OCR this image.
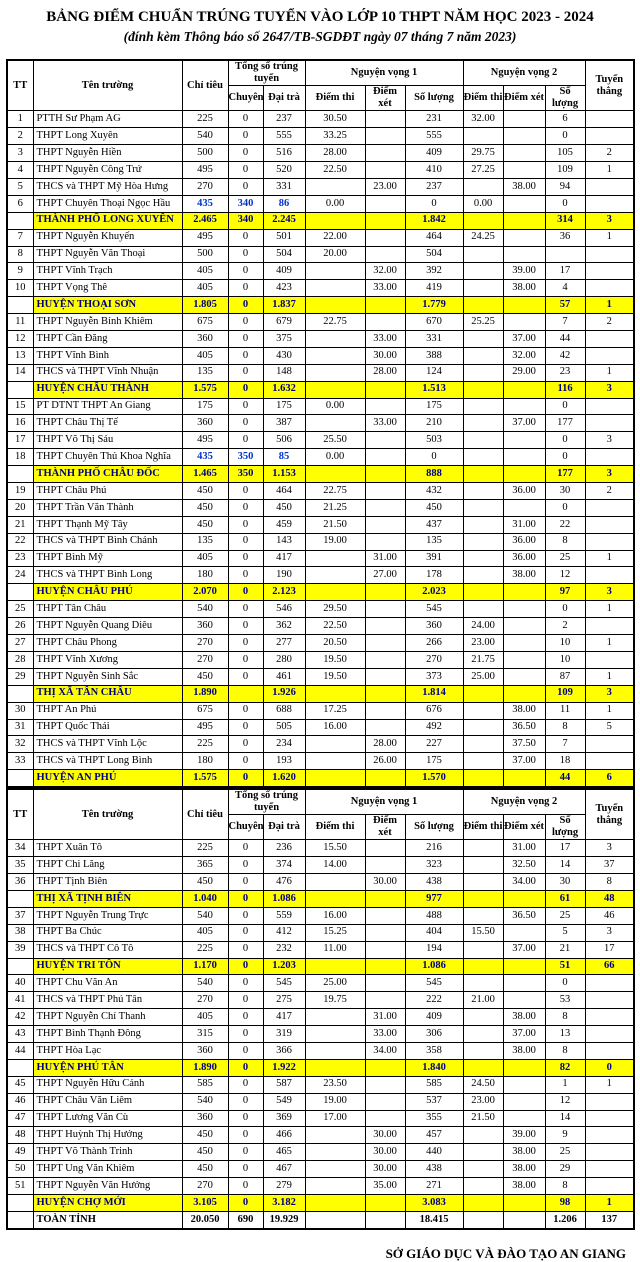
BẢNG ĐIỂM CHUẨN TRÚNG TUYỂN VÀO LỚP 10 THPT NĂM HỌC 2023 - 2024
(đính kèm Thông báo số 2647/TB-SGDĐT ngày 07 tháng 7 năm 2023)
TT	Tên trường	Chỉ tiêu	Tổng số trúng tuyển		Nguyện vọng 1			Nguyện vọng 2			Tuyển thẳng
			Chuyên	Đại trà	Điểm thi	Điểm xét	Số lượng	Điểm thi	Điểm xét	Số lượng	
1	PTTH Sư Phạm AG	225	0	237	30.50		231	32.00		6	
2	THPT Long Xuyên	540	0	555	33.25		555			0	
3	THPT Nguyễn Hiền	500	0	516	28.00		409	29.75		105	2
4	THPT Nguyễn Công Trứ	495	0	520	22.50		410	27.25		109	1
5	THCS và THPT Mỹ Hòa Hưng	270	0	331		23.00	237		38.00	94	
6	THPT Chuyên Thoại Ngọc Hầu	435	340	86	0.00		0	0.00		0	
	THÀNH PHỐ LONG XUYÊN	2.465	340	2.245			1.842			314	3
7	THPT Nguyễn Khuyến	495	0	501	22.00		464	24.25		36	1
8	THPT Nguyễn Văn Thoại	500	0	504	20.00		504				
9	THPT Vĩnh Trạch	405	0	409		32.00	392		39.00	17	
10	THPT Vọng Thê	405	0	423		33.00	419		38.00	4	
	HUYỆN THOẠI SƠN	1.805	0	1.837			1.779			57	1
11	THPT Nguyễn Bỉnh Khiêm	675	0	679	22.75		670	25.25		7	2
12	THPT Cần Đăng	360	0	375		33.00	331		37.00	44	
13	THPT Vĩnh Bình	405	0	430		30.00	388		32.00	42	
14	THCS và THPT Vĩnh Nhuận	135	0	148		28.00	124		29.00	23	1
	HUYỆN CHÂU THÀNH	1.575	0	1.632			1.513			116	3
15	PT DTNT THPT An Giang	175	0	175	0.00		175			0	
16	THPT Châu Thị Tế	360	0	387		33.00	210		37.00	177	
17	THPT Võ Thị Sáu	495	0	506	25.50		503			0	3
18	THPT Chuyên Thủ Khoa Nghĩa	435	350	85	0.00		0			0	
	THÀNH PHỐ CHÂU ĐỐC	1.465	350	1.153			888			177	3
19	THPT Châu Phú	450	0	464	22.75		432		36.00	30	2
20	THPT Trần Văn Thành	450	0	450	21.25		450			0	
21	THPT Thạnh Mỹ Tây	450	0	459	21.50		437		31.00	22	
22	THCS và THPT Bình Chánh	135	0	143	19.00		135		36.00	8	
23	THPT Bình Mỹ	405	0	417		31.00	391		36.00	25	1
24	THCS và THPT Bình Long	180	0	190		27.00	178		38.00	12	
	HUYỆN CHÂU PHÚ	2.070	0	2.123			2.023			97	3
25	THPT Tân Châu	540	0	546	29.50		545			0	1
26	THPT Nguyễn Quang Diêu	360	0	362	22.50		360	24.00		2	
27	THPT Châu Phong	270	0	277	20.50		266	23.00		10	1
28	THPT Vĩnh Xương	270	0	280	19.50		270	21.75		10	
29	THPT Nguyễn Sinh Sắc	450	0	461	19.50		373	25.00		87	1
	THỊ XÃ TÂN CHÂU	1.890		1.926			1.814			109	3
30	THPT An Phú	675	0	688	17.25		676		38.00	11	1
31	THPT Quốc Thái	495	0	505	16.00		492		36.50	8	5
32	THCS và THPT Vĩnh Lộc	225	0	234		28.00	227		37.50	7	
33	THCS và THPT Long Bình	180	0	193		26.00	175		37.00	18	
	HUYỆN AN PHÚ	1.575	0	1.620			1.570			44	6
TT	Tên trường	Chỉ tiêu	Tổng số trúng tuyển		Nguyện vọng 1			Nguyện vọng 2			Tuyển thẳng
			Chuyên	Đại trà	Điểm thi	Điểm xét	Số lượng	Điểm thi	Điểm xét	Số lượng	
34	THPT Xuân Tô	225	0	236	15.50		216		31.00	17	3
35	THPT Chi Lăng	365	0	374	14.00		323		32.50	14	37
36	THPT Tịnh Biên	450	0	476		30.00	438		34.00	30	8
	THỊ XÃ TỊNH BIÊN	1.040	0	1.086			977			61	48
37	THPT Nguyễn Trung Trực	540	0	559	16.00		488		36.50	25	46
38	THPT Ba Chúc	405	0	412	15.25		404	15.50		5	3
39	THCS và THPT Cô Tô	225	0	232	11.00		194		37.00	21	17
	HUYỆN TRI TÔN	1.170	0	1.203			1.086			51	66
40	THPT Chu Văn An	540	0	545	25.00		545			0	
41	THCS và THPT Phú Tân	270	0	275	19.75		222	21.00		53	
42	THPT Nguyễn Chí Thanh	405	0	417		31.00	409		38.00	8	
43	THPT Bình Thạnh Đông	315	0	319		33.00	306		37.00	13	
44	THPT Hòa Lạc	360	0	366		34.00	358		38.00	8	
	HUYỆN PHÚ TÂN	1.890	0	1.922			1.840			82	0
45	THPT Nguyễn Hữu Cảnh	585	0	587	23.50		585	24.50		1	1
46	THPT Châu Văn Liêm	540	0	549	19.00		537	23.00		12	
47	THPT Lương Văn Cù	360	0	369	17.00		355	21.50		14	
48	THPT Huỳnh Thị Hưởng	450	0	466		30.00	457		39.00	9	
49	THPT Võ Thành Trinh	450	0	465		30.00	440		38.00	25	
50	THPT Ung Văn Khiêm	450	0	467		30.00	438		38.00	29	
51	THPT Nguyễn Văn Hưởng	270	0	279		35.00	271		38.00	8	
	HUYỆN CHỢ MỚI	3.105	0	3.182			3.083			98	1
	TOÀN TỈNH	20.050	690	19.929			18.415			1.206	137
SỞ GIÁO DỤC VÀ ĐÀO TẠO AN GIANG
